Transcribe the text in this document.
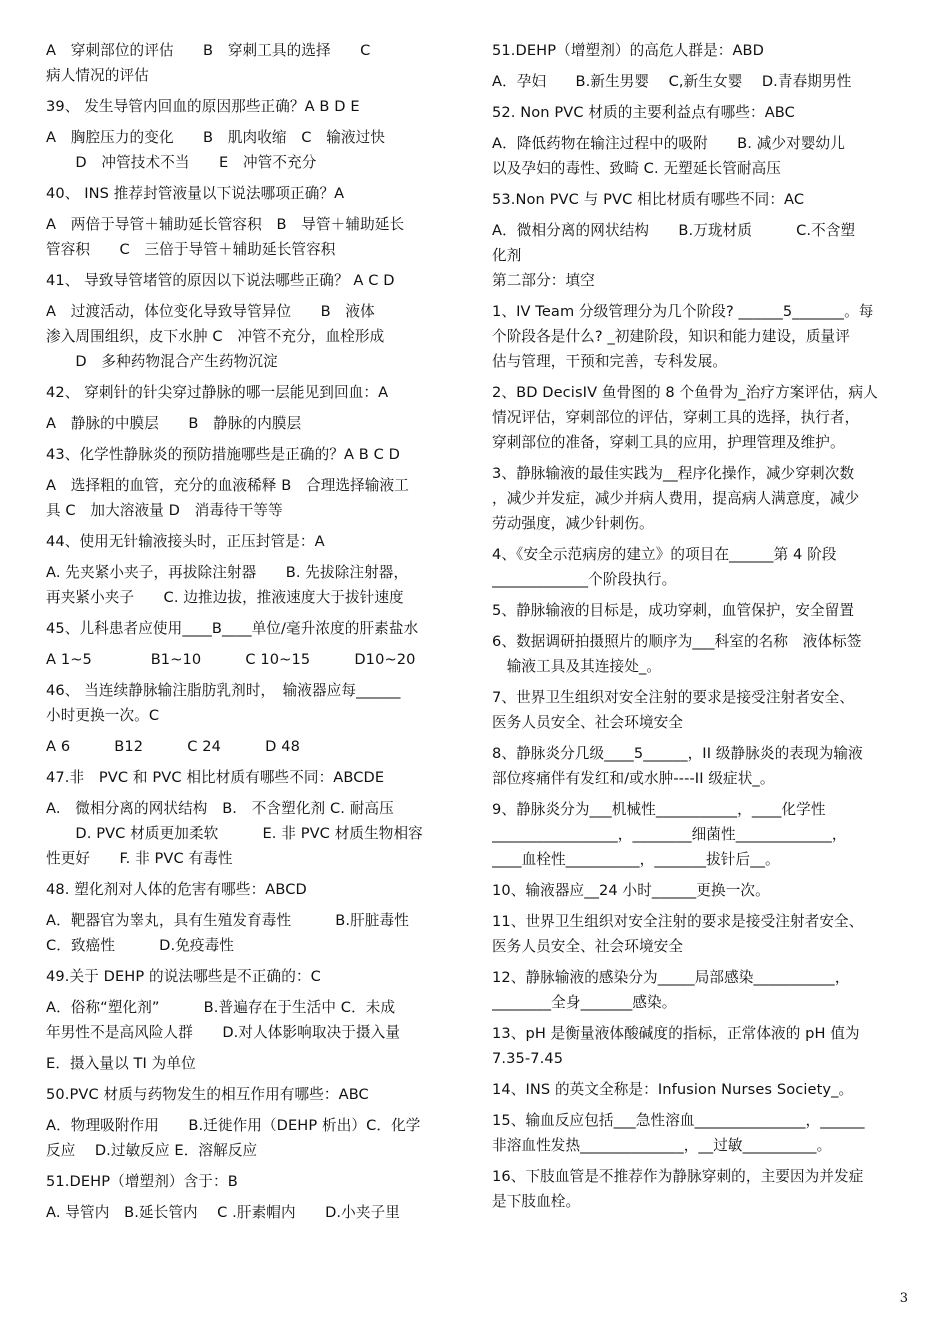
A　穿刺部位的评估　　B　穿刺工具的选择　　C
病人情况的评估
39、 发生导管内回血的原因那些正确？A B D E
A　胸腔压力的变化　　B　肌肉收缩　C　输液过快
　　D　冲管技术不当　　E　冲管不充分
40、 INS 推荐封管液量以下说法哪项正确？A
A　两倍于导管＋辅助延长管容积　B　导管＋辅助延长
管容积　　C　三倍于导管＋辅助延长管容积
41、 导致导管堵管的原因以下说法哪些正确？ A C D
A　过渡活动，体位变化导致导管异位　　B　液体
渗入周围组织，皮下水肿 C　冲管不充分，血栓形成
　　D　多种药物混合产生药物沉淀
42、 穿刺针的针尖穿过静脉的哪一层能见到回血：A
A　静脉的中膜层　　B　静脉的内膜层
43、化学性静脉炎的预防措施哪些是正确的？A B C D
A　选择粗的血管，充分的血液稀释 B　合理选择输液工
具 C　加大溶液量 D　消毒待干等等
44、使用无针输液接头时，正压封管是：A
A. 先夹紧小夹子，再拔除注射器　　B. 先拔除注射器，
再夹紧小夹子　　C. 边推边拔，推液速度大于拔针速度
45、儿科患者应使用____B____单位/毫升浓度的肝素盐水
A 1~5　　　　B1~10　　　C 10~15　　　D10~20
46、 当连续静脉输注脂肪乳剂时，　输液器应每______
小时更换一次。C
A 6　　　B12　　　C 24　　　D 48
47.非　PVC 和 PVC 相比材质有哪些不同：ABCDE
A.　微相分离的网状结构　B.　不含塑化剂 C. 耐高压
　　D. PVC 材质更加柔软　　　E. 非 PVC 材质生物相容
性更好　　F. 非 PVC 有毒性
48. 塑化剂对人体的危害有哪些：ABCD
A．靶器官为睾丸，具有生殖发育毒性　　　B.肝脏毒性
C．致癌性　　　D.免疫毒性
49.关于 DEHP 的说法哪些是不正确的：C
A．俗称“塑化剂”　　　B.普遍存在于生活中 C．未成
年男性不是高风险人群　　D.对人体影响取决于摄入量
E．摄入量以 TI 为单位
50.PVC 材质与药物发生的相互作用有哪些：ABC
A．物理吸附作用　　B.迁徙作用（DEHP 析出）C．化学
反应　 D.过敏反应 E．溶解反应
51.DEHP（增塑剂）含于：B
A. 导管内　B.延长管内　 C .肝素帽内　　D.小夹子里
51.DEHP（增塑剂）的高危人群是：ABD
A．孕妇　　B.新生男婴　 C,新生女婴　 D.青春期男性
52. Non PVC 材质的主要利益点有哪些：ABC
A．降低药物在输注过程中的吸附　　B. 减少对婴幼儿
以及孕妇的毒性、致畸 C. 无塑延长管耐高压
53.Non PVC 与 PVC 相比材质有哪些不同：AC
A．微相分离的网状结构　　B.万珑材质　　　C.不含塑
化剂
第二部分：填空
1、IV Team 分级管理分为几个阶段? ______5_______。每
个阶段各是什么? _初建阶段，知识和能力建设，质量评
估与管理，干预和完善，专科发展。
2、BD DecisIV 鱼骨图的 8 个鱼骨为_治疗方案评估，病人
情况评估，穿刺部位的评估，穿刺工具的选择，执行者，
穿刺部位的准备，穿刺工具的应用，护理管理及维护。
3、静脉输液的最佳实践为__程序化操作，减少穿刺次数
，减少并发症，减少并病人费用，提高病人满意度，减少
劳动强度，减少针刺伤。
4、《安全示范病房的建立》的项目在______第 4 阶段
_____________个阶段执行。
5、静脉输液的目标是，成功穿刺，血管保护，安全留置
6、数据调研拍摄照片的顺序为___科室的名称　液体标签
　输液工具及其连接处_。
7、世界卫生组织对安全注射的要求是接受注射者安全、
医务人员安全、社会环境安全
8、静脉炎分几级____5______，II 级静脉炎的表现为输液
部位疼痛伴有发红和/或水肿----II 级症状_。
9、静脉炎分为___机械性___________，____化学性
_________________，________细菌性_____________，
____血栓性__________，_______拔针后__。
10、输液器应__24 小时______更换一次。
11、世界卫生组织对安全注射的要求是接受注射者安全、
医务人员安全、社会环境安全
12、静脉输液的感染分为_____局部感染___________，
________全身_______感染。
13、pH 是衡量液体酸碱度的指标，正常体液的 pH 值为
7.35-7.45
14、INS 的英文全称是：Infusion Nurses Society_。
15、输血反应包括___急性溶血_______________，______
非溶血性发热______________，__过敏__________。
16、下肢血管是不推荐作为静脉穿刺的，主要因为并发症
是下肢血栓。
3
